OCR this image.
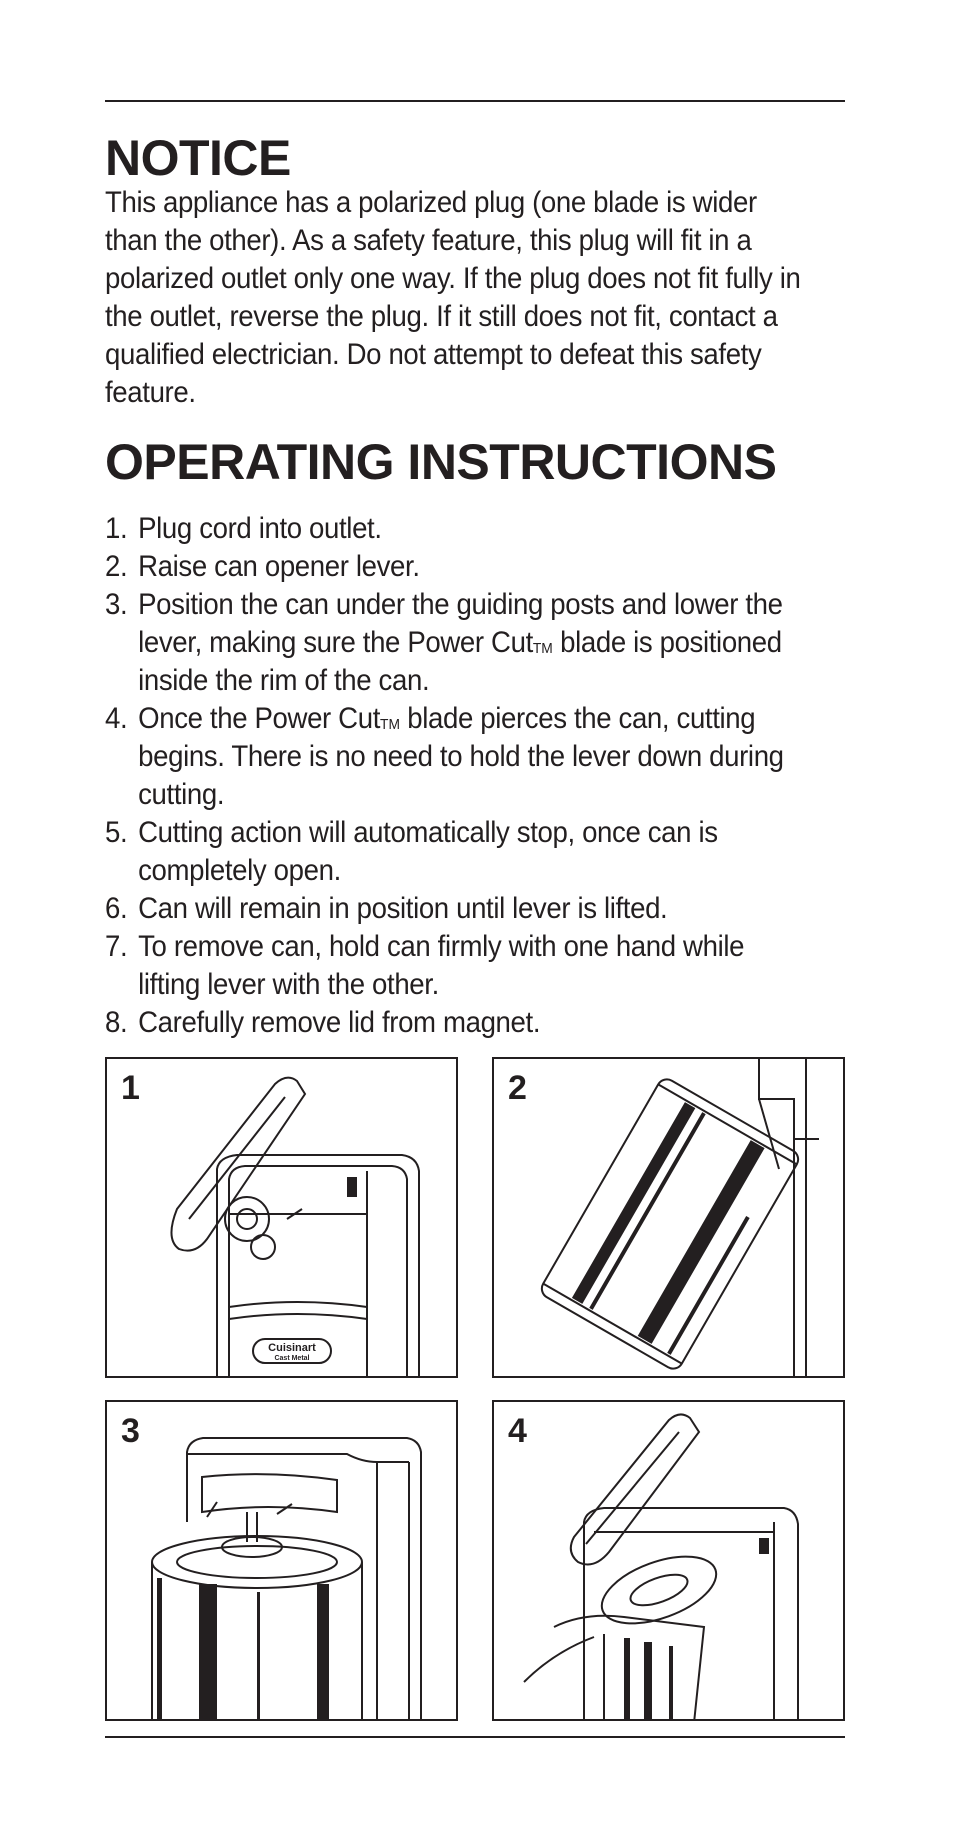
NOTICE
This appliance has a polarized plug (one blade is wider than the other). As a safety feature, this plug will fit in a polarized outlet only one way. If the plug does not fit fully in the outlet, reverse the plug. If it still does not fit, contact a qualified electrician. Do not attempt to defeat this safety feature.
OPERATING INSTRUCTIONS
1. Plug cord into outlet.
2. Raise can opener lever.
3. Position the can under the guiding posts and lower the lever, making sure the Power Cut™ blade is positioned inside the rim of the can.
4. Once the Power Cut™ blade pierces the can, cutting begins. There is no need to hold the lever down during cutting.
5. Cutting action will automatically stop, once can is completely open.
6. Can will remain in position until lever is lifted.
7. To remove can, hold can firmly with one hand while lifting lever with the other.
8. Carefully remove lid from magnet.
1
Cuisinart
Cast Metal
2
3	4
